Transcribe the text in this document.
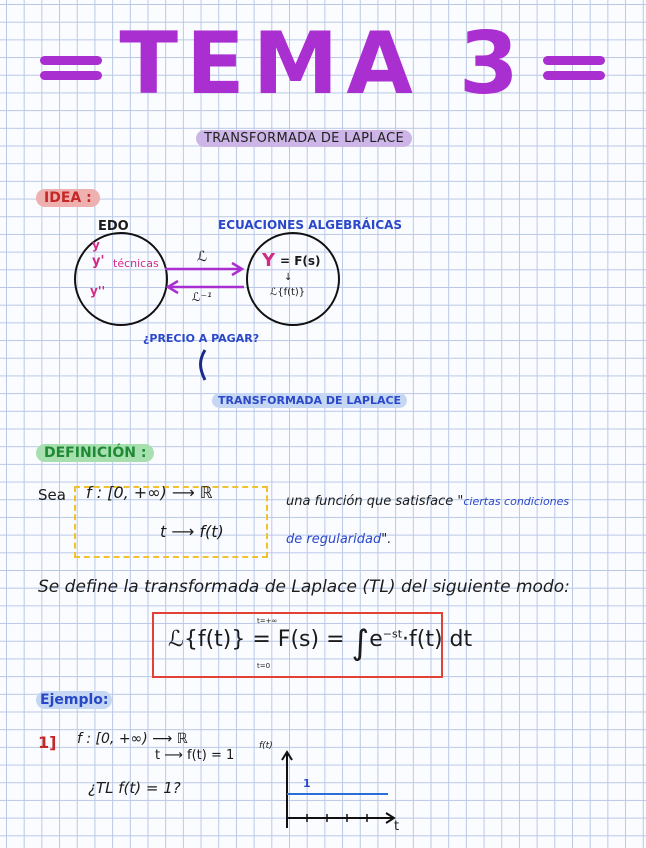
TEMA 3
TRANSFORMADA DE LAPLACE
IDEA :
EDO	ECUACIONES ALGEBRÁICAS
y
y'
y''
técnicas	Y = F(s)
↓
ℒ{f(t)}
ℒ
ℒ⁻¹
¿PRECIO A PAGAR?
TRANSFORMADA DE LAPLACE
DEFINICIÓN :
Sea f : [0, +∞) ⟶ ℝ
t ⟶ f(t)
una función que satisface "ciertas condiciones
de regularidad".
Se define la transformada de Laplace (TL) del siguiente modo:
ℒ{f(t)} = $F(s) = \int e^{-st}\cdot f(t)$ dt
t=+∞
t=0
Ejemplo:
1] f : [0, +∞) ⟶ ℝ
t ⟶ f(t) = 1
¿TL f(t) = 1?
f(t)
1
t
